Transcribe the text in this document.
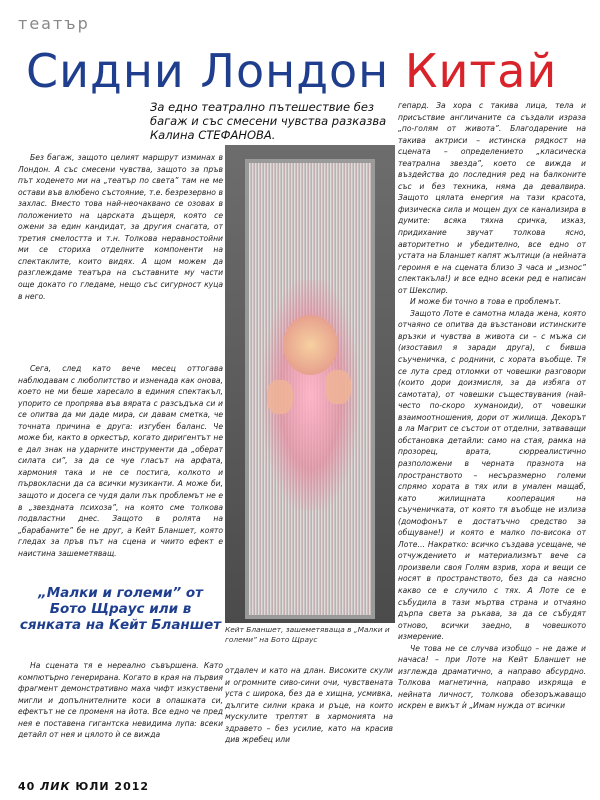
театър
Сидни Лондон Китай
За едно театрално пътешествие без багаж и със смесени чувства разказва Калина СТЕФАНОВА.

Без багаж, защото целият маршрут изминах в Лондон. А със смесени чувства, защото за пръв път ходенето ми на „театър по света” там не ме остави във влюбено състояние, т.е. безрезервно в захлас. Вместо това най-неочаквано се озовах в положението на царската дъщеря, която се ожени за един кандидат, за другия снагата, от третия смелостта и т.н. Толкова неравностойни ми се сториха отделните компоненти на спектаклите, които видях. А щом можем да разглеждаме театъра на съставните му части още докато го гледаме, нещо със сигурност куца в него.

Сега, след като вече месец оттогава наблюдавам с любопитство и изненада как онова, което не ми беше харесало в единия спектакъл, упорито се пропрява във вярата с разсъдъка си и се опитва да ми даде мира, си давам сметка, че точната причина е друга: изгубен баланс. Че може би, както в оркестър, когато диригентът не е дал знак на ударните инструменти да „оберат силата си”, за да се чуе гласът на арфата, хармония така и не се постига, колкото и първокласни да са всички музиканти. А може би, защото и досега се чудя дали пък проблемът не е в „звездната психоза”, на която сме толкова подвластни днес. Защото в ролята на „барабаните” бе не друг, а Кейт Бланшет, която гледах за пръв път на сцена и чиито ефект е наистина зашеметяващ.

„Малки и големи” от Бото Щраус или в сянката на Кейт Бланшет

На сцената тя е нереално съвършена. Като компютърно генерирана. Когато в края на първия фрагмент демонстративно маха чифт изкуствени мигли и допълнителните коси в опашката си, ефектът не се променя на йота. Все едно че пред нея е поставена гигантска невидима лупа: всеки детайл от нея и цялото ѝ се вижда

Кейт Бланшет, зашеметяваща в „Малки и големи” на Бото Щраус

отдалеч и като на длан. Високите скули и огромните сиво-сини очи, чувствената уста с широка, без да е хищна, усмивка, дългите силни крака и ръце, на които мускулите трептят в хармонията на здравето – без усилие, като на красив див жребец или

гепард. За хора с такива лица, тела и присъствие англичаните са създали израза „по-голям от живота”. Благодарение на такива актриси – истинска рядкост на сцената – определението „класическа театрална звезда”, което се вижда и въздейства до последния ред на балконите със и без техника, няма да девалвира. Защото цялата енергия на тази красота, физическа сила и мощен дух се канализира в думите: всяка тяхна сричка, изказ, придихание звучат толкова ясно, авторитетно и убедително, все едно от устата на Бланшет капят жълтици (а нейната героиня е на сцената близо 3 часа и „износ” спектакъла!) и все едно всеки ред е написан от Шекспир.

И може би точно в това е проблемът.

Защото Лоте е самотна млада жена, която отчаяно се опитва да възстанови истинските връзки и чувства в живота си – с мъжа си (изоставил я заради друга), с бивша съученичка, с роднини, с хората въобще. Тя се лута сред отломки от човешки разговори (които дори доизмисля, за да избяга от самотата), от човешки съществувания (най-често по-скоро хуманоиди), от човешки взаимоотношения, дори от жилища. Декорът в ла Магрит се състои от отделни, затваващи обстановка детайли: само на стая, рамка на прозорец, врата, сюрреалистично разположени в черната празнота на пространството – несъразмерно големи спрямо хората в тях или в умален мащаб, като жилищната кооперация на съученичката, от която тя въобще не излиза (домофонът е достатъчно средство за общуване!) и която е малко по-висока от Лоте… Накратко: всичко създава усещане, че отчуждението и материализмът вече са произвели своя Голям взрив, хора и вещи се носят в пространството, без да са наясно какво се е случило с тях. А Лоте се е събудила в тази мъртва страна и отчаяно дърпа света за ръкава, за да се събудят отново, всички заедно, в човешкото измерение.

Че това не се случва изобщо – не даже и начаса! – при Лоте на Кейт Бланшет не изглежда драматично, а направо абсурдно. Толкова магнетична, направо изкряща е нейната личност, толкова обезоръжаващо искрен е викът ѝ „Имам нужда от всички

40 ЛИК ЮЛИ 2012
